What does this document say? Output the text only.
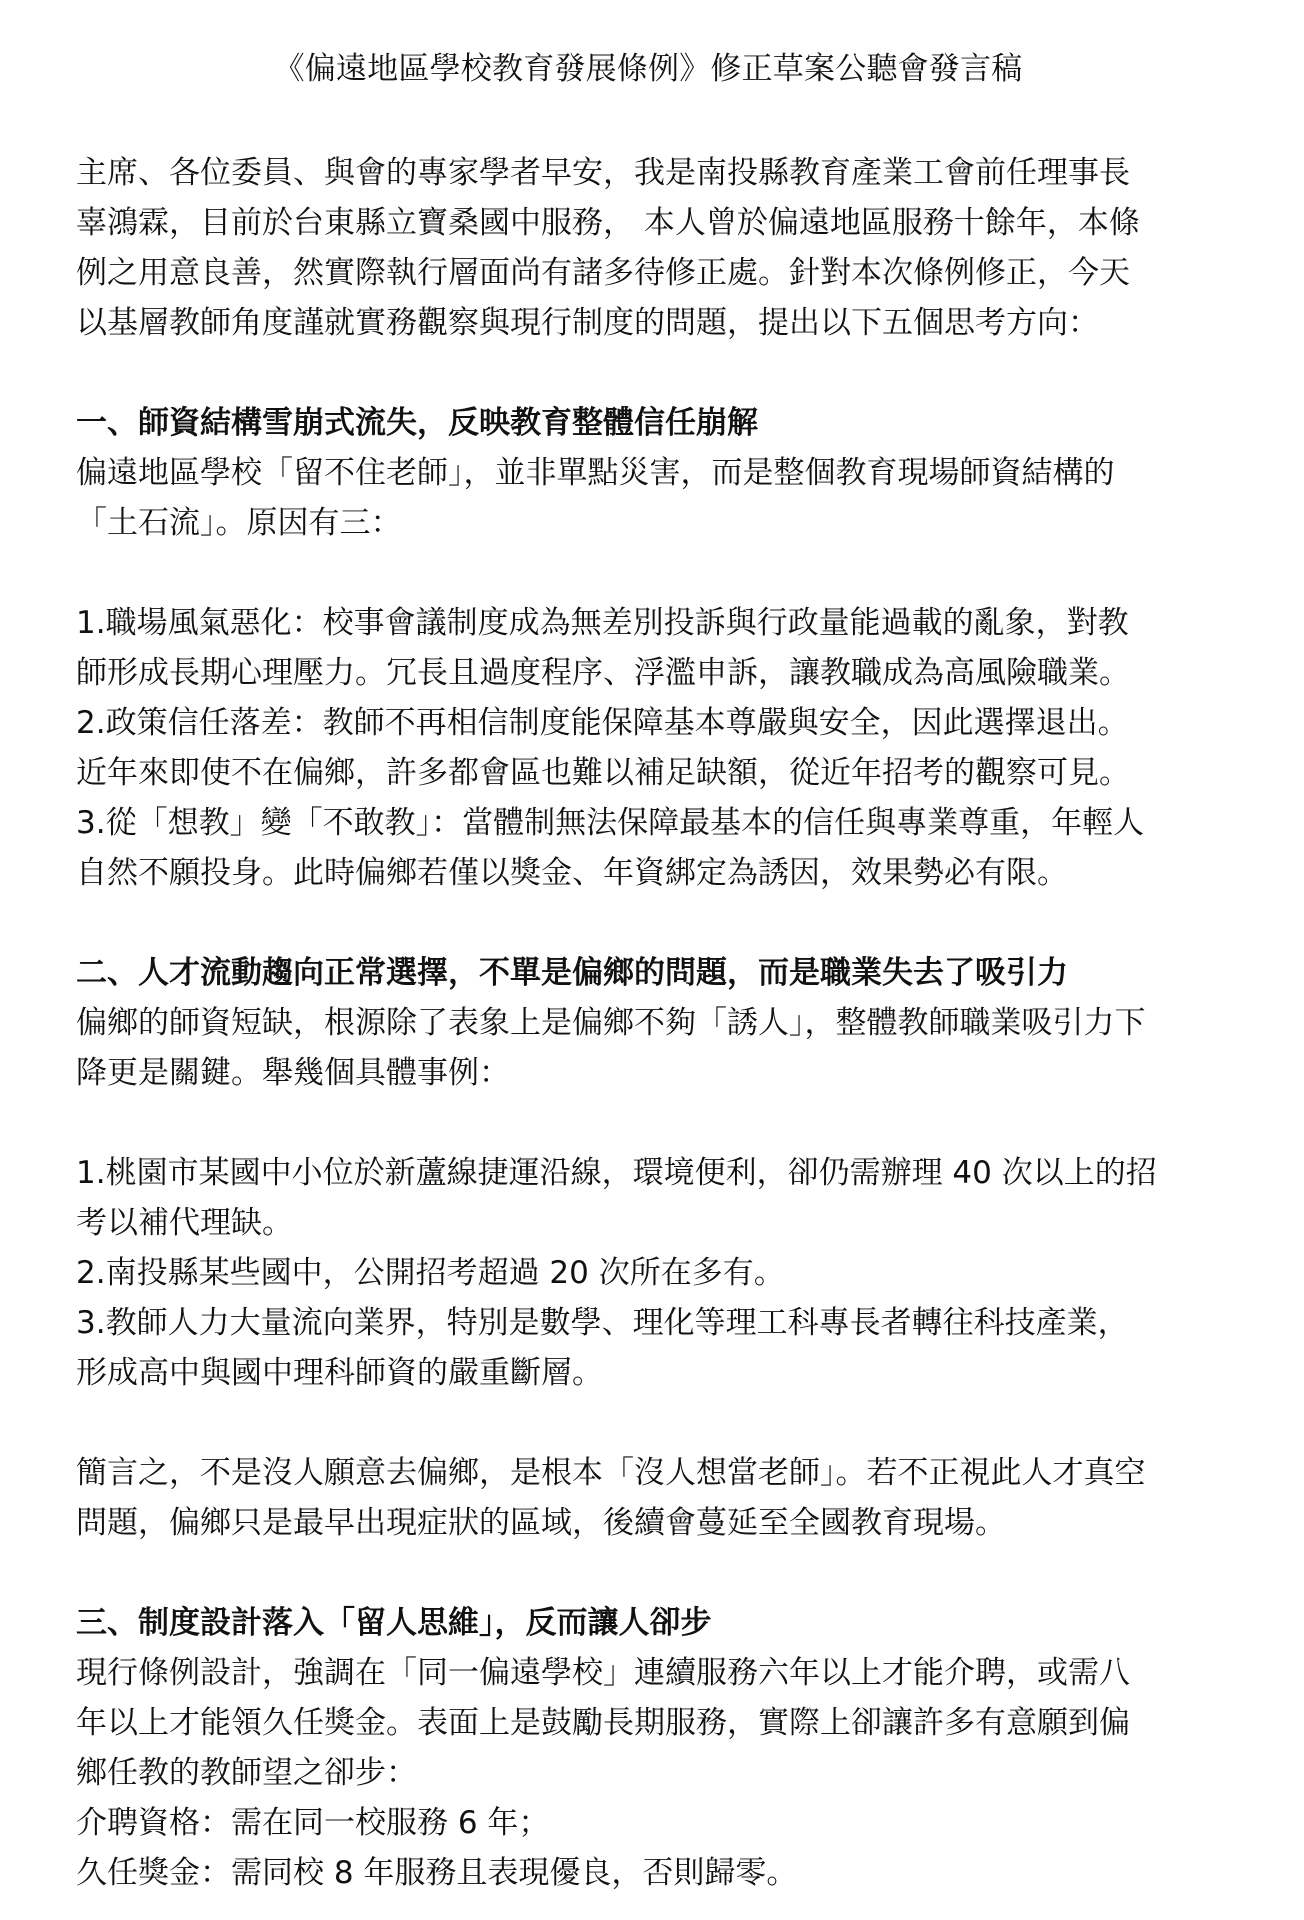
《偏遠地區學校教育發展條例》修正草案公聽會發言稿

主席、各位委員、與會的專家學者早安，我是南投縣教育產業工會前任理事長

辜鴻霖，目前於台東縣立寶桑國中服務， 本人曾於偏遠地區服務十餘年，本條

例之用意良善，然實際執行層面尚有諸多待修正處。針對本次條例修正，今天

以基層教師角度謹就實務觀察與現行制度的問題，提出以下五個思考方向：

一、師資結構雪崩式流失，反映教育整體信任崩解

偏遠地區學校「留不住老師」，並非單點災害，而是整個教育現場師資結構的

「土石流」。原因有三：

1.職場風氣惡化：校事會議制度成為無差別投訴與行政量能過載的亂象，對教

師形成長期心理壓力。冗長且過度程序、浮濫申訴，讓教職成為高風險職業。

2.政策信任落差：教師不再相信制度能保障基本尊嚴與安全，因此選擇退出。

近年來即使不在偏鄉，許多都會區也難以補足缺額，從近年招考的觀察可見。

3.從「想教」變「不敢教」：當體制無法保障最基本的信任與專業尊重，年輕人

自然不願投身。此時偏鄉若僅以獎金、年資綁定為誘因，效果勢必有限。

二、人才流動趨向正常選擇，不單是偏鄉的問題，而是職業失去了吸引力

偏鄉的師資短缺，根源除了表象上是偏鄉不夠「誘人」，整體教師職業吸引力下

降更是關鍵。舉幾個具體事例：

1.桃園市某國中小位於新蘆線捷運沿線，環境便利，卻仍需辦理 40 次以上的招

考以補代理缺。

2.南投縣某些國中，公開招考超過 20 次所在多有。

3.教師人力大量流向業界，特別是數學、理化等理工科專長者轉往科技產業，

形成高中與國中理科師資的嚴重斷層。

簡言之，不是沒人願意去偏鄉，是根本「沒人想當老師」。若不正視此人才真空

問題，偏鄉只是最早出現症狀的區域，後續會蔓延至全國教育現場。

三、制度設計落入「留人思維」，反而讓人卻步

現行條例設計，強調在「同一偏遠學校」連續服務六年以上才能介聘，或需八

年以上才能領久任獎金。表面上是鼓勵長期服務，實際上卻讓許多有意願到偏

鄉任教的教師望之卻步：

介聘資格：需在同一校服務 6 年；

久任獎金：需同校 8 年服務且表現優良，否則歸零。
